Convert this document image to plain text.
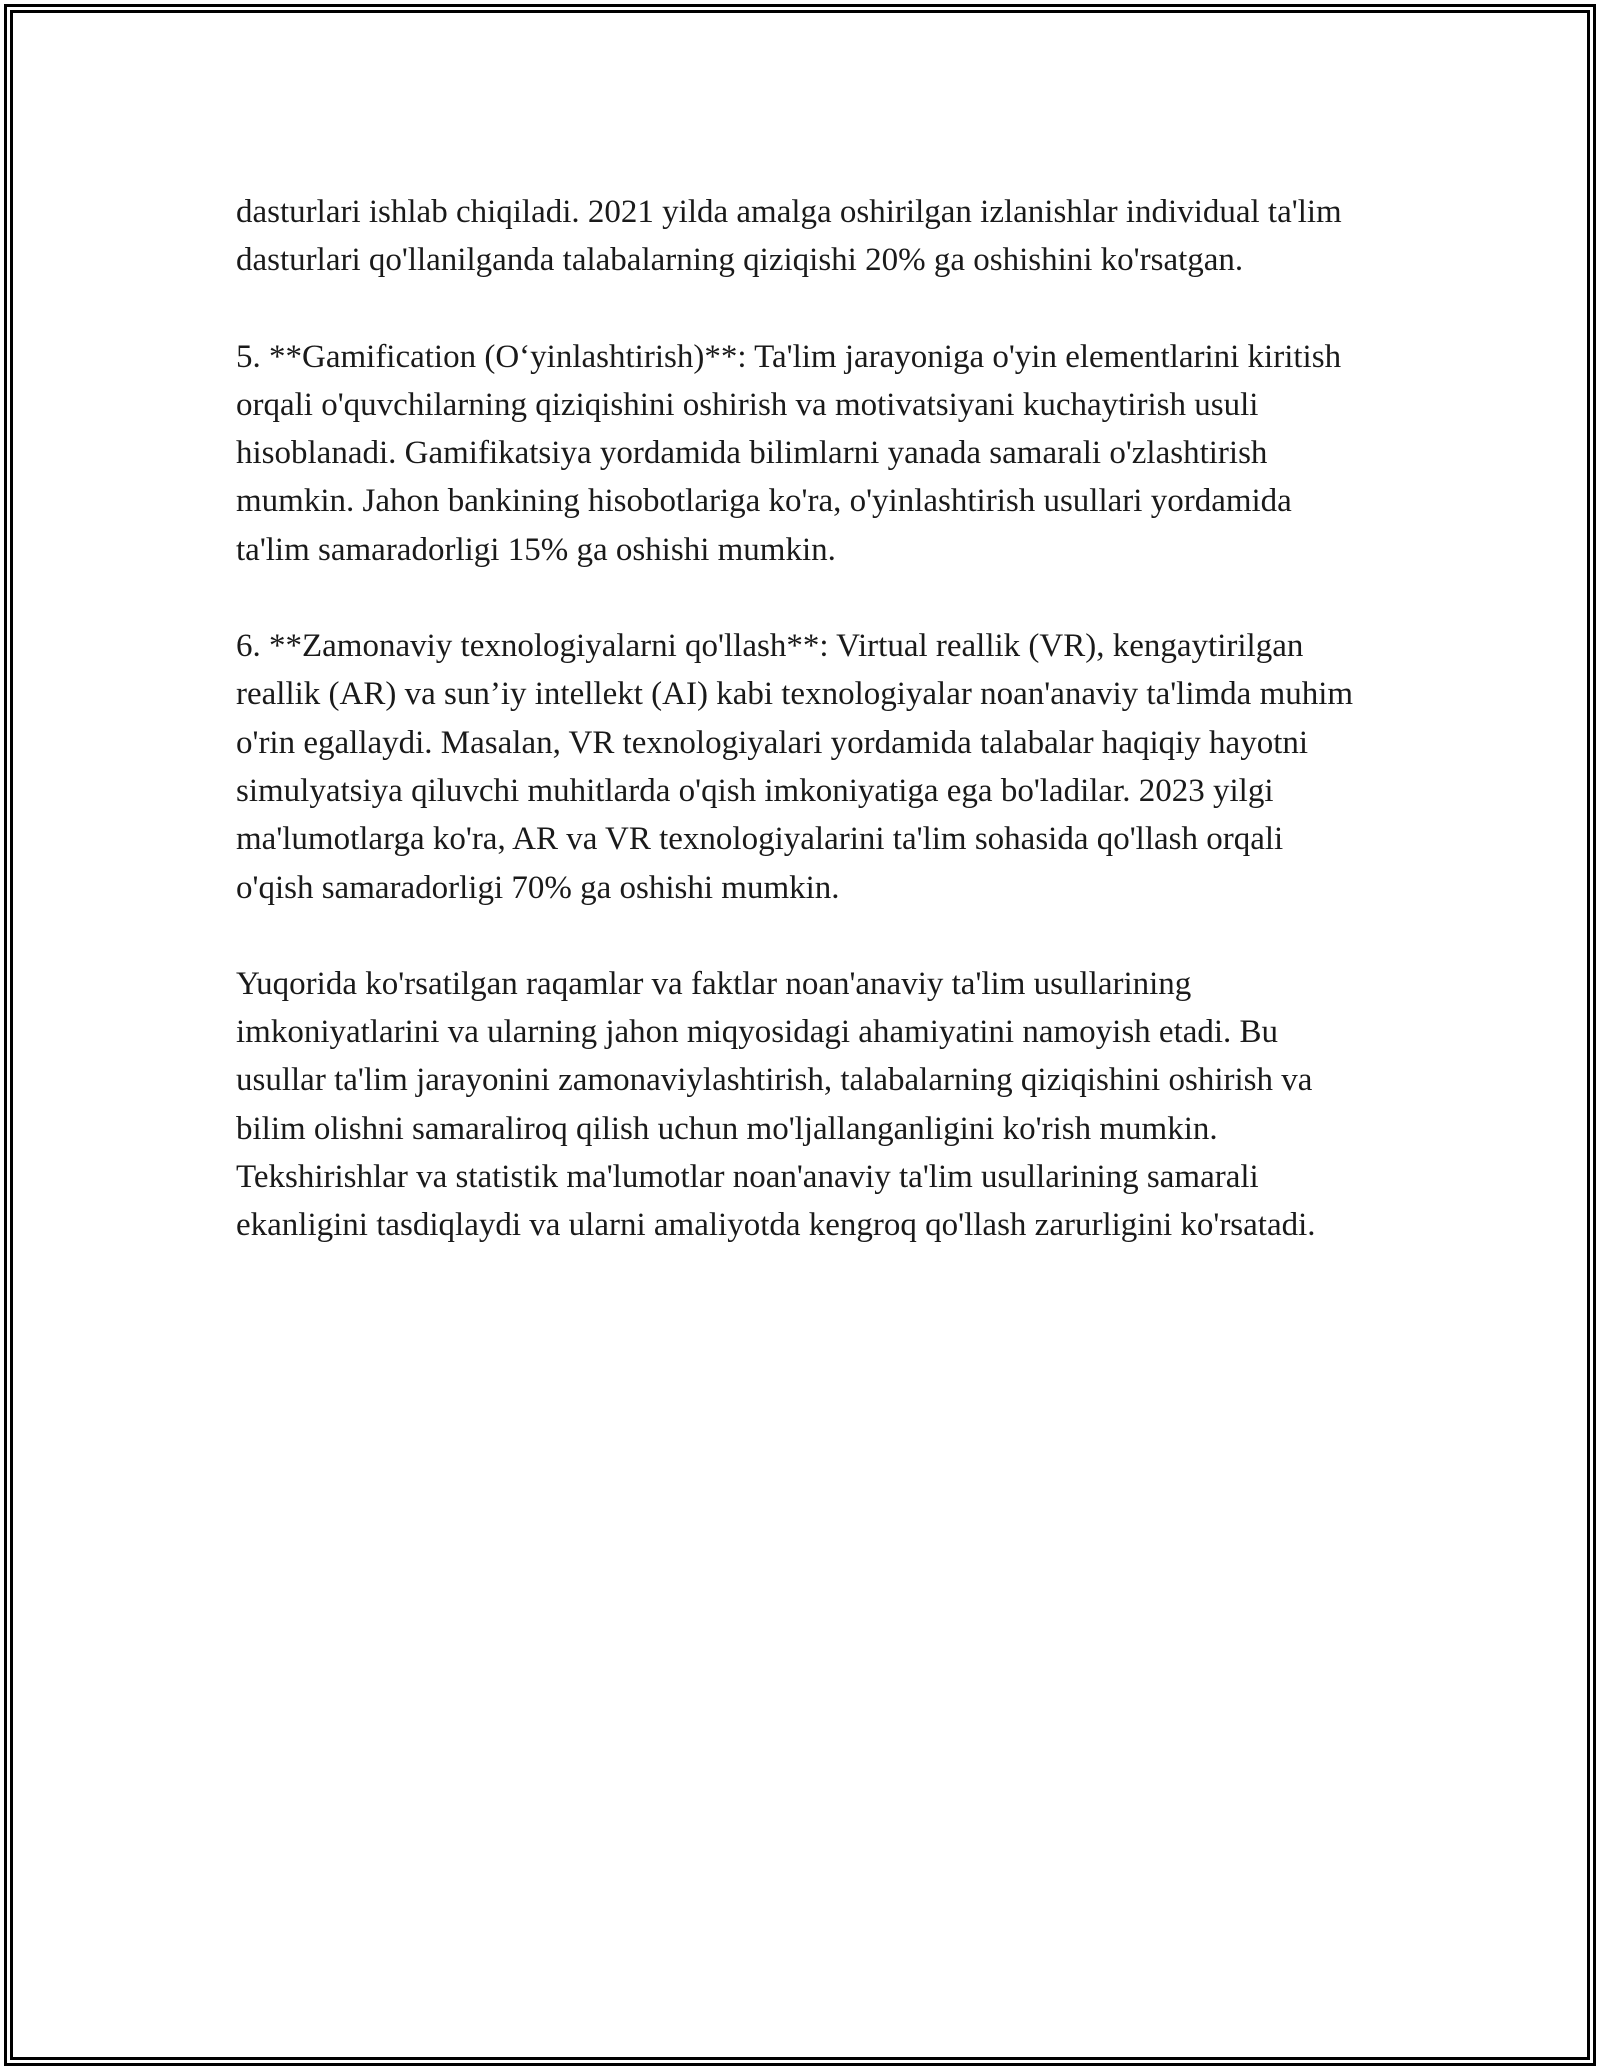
dasturlari ishlab chiqiladi. 2021 yilda amalga oshirilgan izlanishlar individual ta'lim dasturlari qo'llanilganda talabalarning qiziqishi 20% ga oshishini ko'rsatgan.

5. **Gamification (O‘yinlashtirish)**: Ta'lim jarayoniga o'yin elementlarini kiritish orqali o'quvchilarning qiziqishini oshirish va motivatsiyani kuchaytirish usuli hisoblanadi. Gamifikatsiya yordamida bilimlarni yanada samarali o'zlashtirish mumkin. Jahon bankining hisobotlariga ko'ra, o'yinlashtirish usullari yordamida ta'lim samaradorligi 15% ga oshishi mumkin.

6. **Zamonaviy texnologiyalarni qo'llash**: Virtual reallik (VR), kengaytirilgan reallik (AR) va sun’iy intellekt (AI) kabi texnologiyalar noan'anaviy ta'limda muhim o'rin egallaydi. Masalan, VR texnologiyalari yordamida talabalar haqiqiy hayotni simulyatsiya qiluvchi muhitlarda o'qish imkoniyatiga ega bo'ladilar. 2023 yilgi ma'lumotlarga ko'ra, AR va VR texnologiyalarini ta'lim sohasida qo'llash orqali o'qish samaradorligi 70% ga oshishi mumkin.

Yuqorida ko'rsatilgan raqamlar va faktlar noan'anaviy ta'lim usullarining imkoniyatlarini va ularning jahon miqyosidagi ahamiyatini namoyish etadi. Bu usullar ta'lim jarayonini zamonaviylashtirish, talabalarning qiziqishini oshirish va bilim olishni samaraliroq qilish uchun mo'ljallanganligini ko'rish mumkin. Tekshirishlar va statistik ma'lumotlar noan'anaviy ta'lim usullarining samarali ekanligini tasdiqlaydi va ularni amaliyotda kengroq qo'llash zarurligini ko'rsatadi.
